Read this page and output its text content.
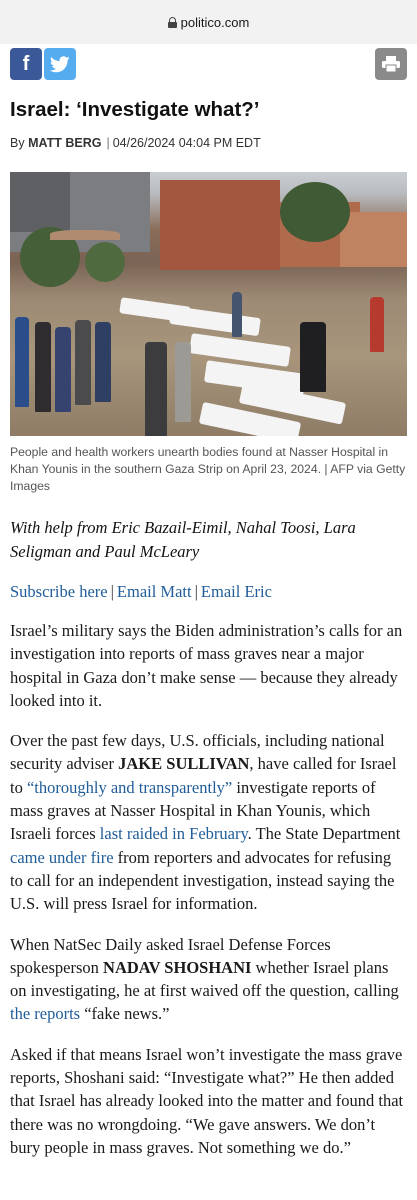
politico.com
f
Israel: ‘Investigate what?’
By MATT BERG | 04/26/2024 04:04 PM EDT

People and health workers unearth bodies found at Nasser Hospital in Khan Younis in the southern Gaza Strip on April 23, 2024. | AFP via Getty Images

With help from Eric Bazail-Eimil, Nahal Toosi, Lara Seligman and Paul McLeary

Subscribe here | Email Matt | Email Eric

Israel’s military says the Biden administration’s calls for an investigation into reports of mass graves near a major hospital in Gaza don’t make sense — because they already looked into it.

Over the past few days, U.S. officials, including national security adviser JAKE SULLIVAN, have called for Israel to “thoroughly and transparently” investigate reports of mass graves at Nasser Hospital in Khan Younis, which Israeli forces last raided in February. The State Department came under fire from reporters and advocates for refusing to call for an independent investigation, instead saying the U.S. will press Israel for information.

When NatSec Daily asked Israel Defense Forces spokesperson NADAV SHOSHANI whether Israel plans on investigating, he at first waived off the question, calling the reports “fake news.”

Asked if that means Israel won’t investigate the mass grave reports, Shoshani said: “Investigate what?” He then added that Israel has already looked into the matter and found that there was no wrongdoing. “We gave answers. We don’t bury people in mass graves. Not something we do.”
